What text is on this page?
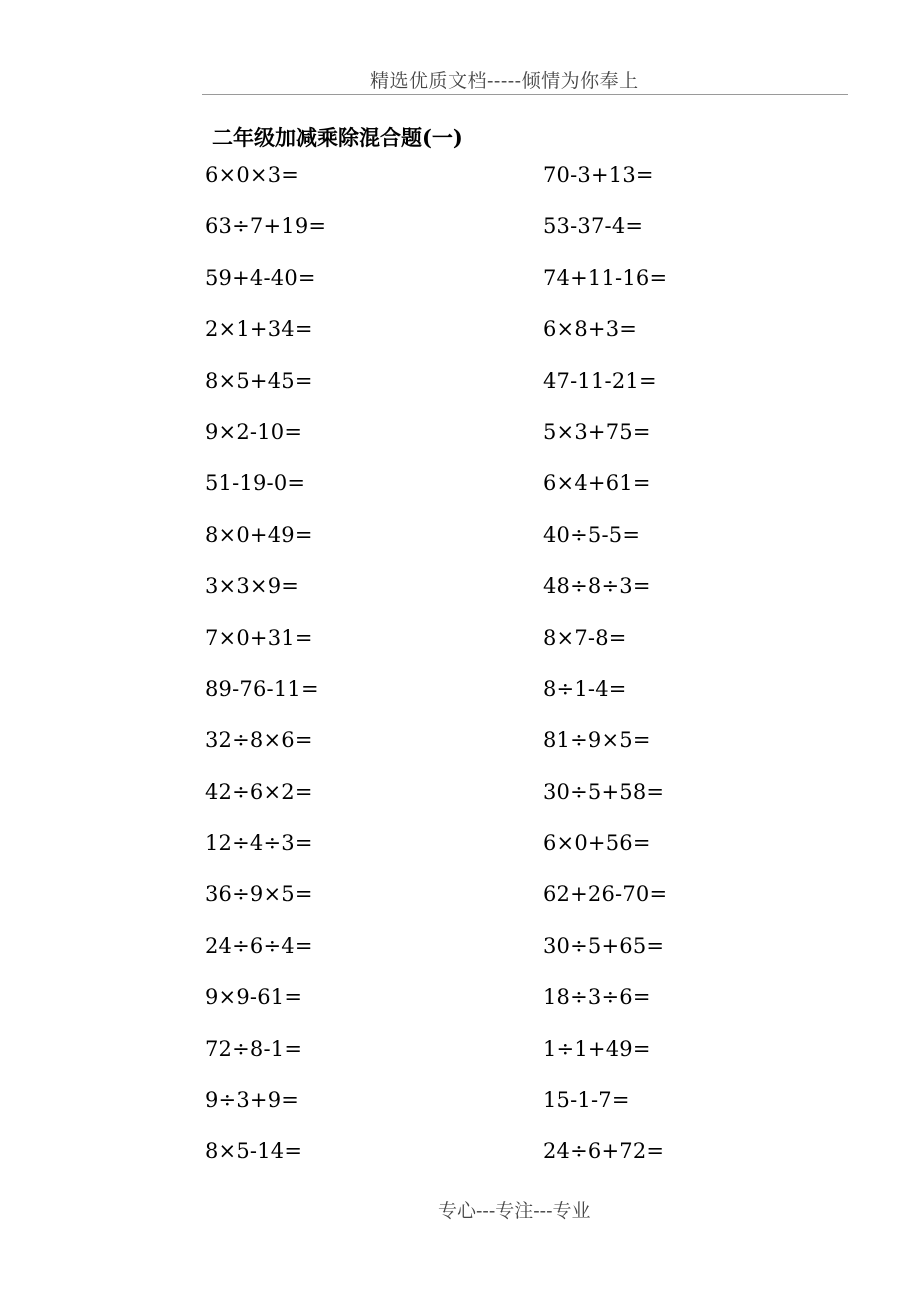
精选优质文档-----倾情为你奉上
二年级加减乘除混合题(一)
6×0×3=
63÷7+19=
59+4-40=
2×1+34=
8×5+45=
9×2-10=
51-19-0=
8×0+49=
3×3×9=
7×0+31=
89-76-11=
32÷8×6=
42÷6×2=
12÷4÷3=
36÷9×5=
24÷6÷4=
9×9-61=
72÷8-1=
9÷3+9=
8×5-14=
70-3+13=
53-37-4=
74+11-16=
6×8+3=
47-11-21=
5×3+75=
6×4+61=
40÷5-5=
48÷8÷3=
8×7-8=
8÷1-4=
81÷9×5=
30÷5+58=
6×0+56=
62+26-70=
30÷5+65=
18÷3÷6=
1÷1+49=
15-1-7=
24÷6+72=
专心---专注---专业
